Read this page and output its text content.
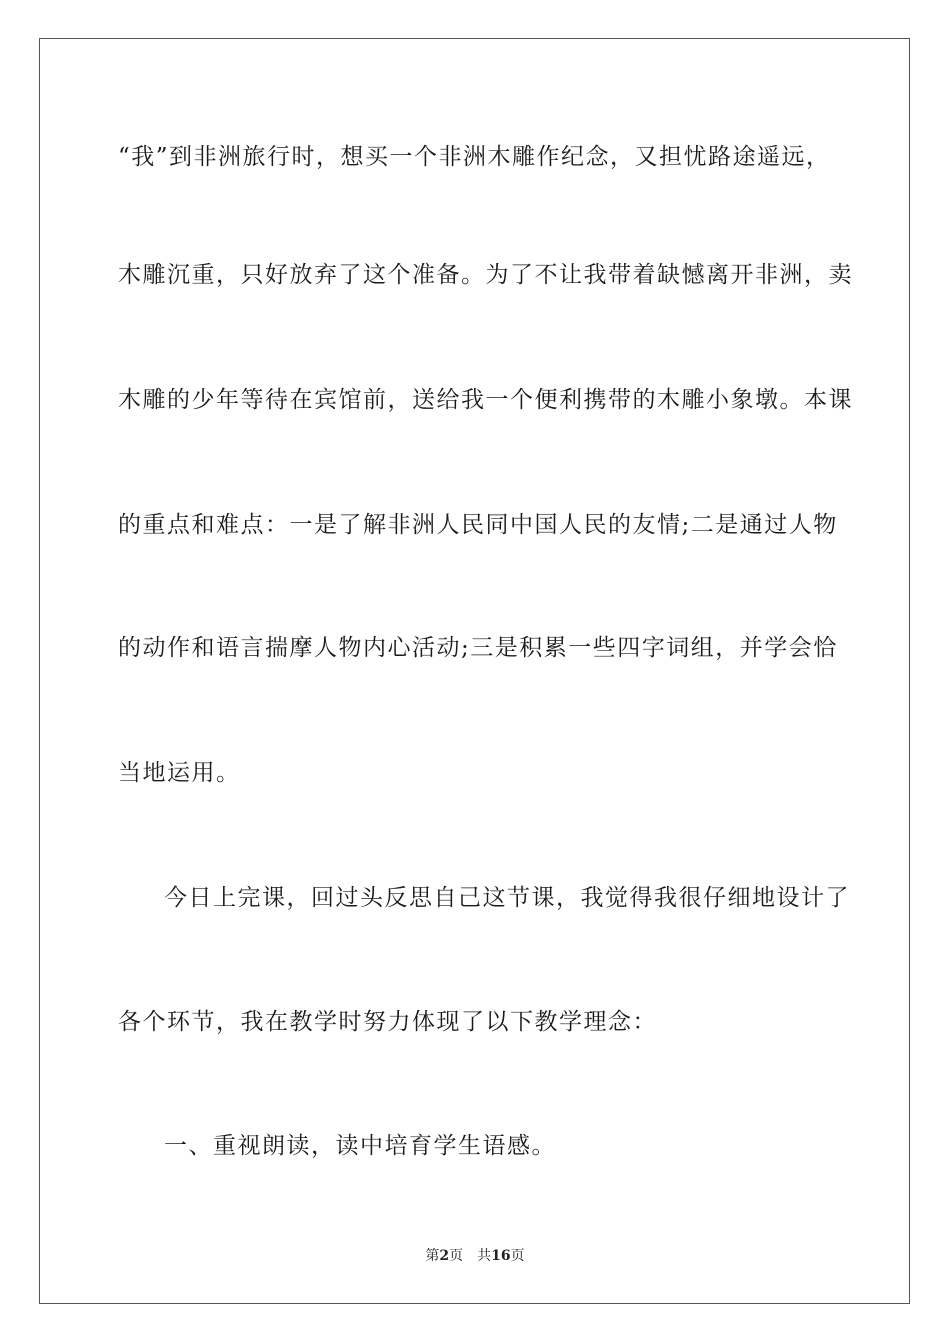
“我”到非洲旅行时，想买一个非洲木雕作纪念，又担忧路途遥远，
木雕沉重，只好放弃了这个准备。为了不让我带着缺憾离开非洲，卖
木雕的少年等待在宾馆前，送给我一个便利携带的木雕小象墩。本课
的重点和难点：一是了解非洲人民同中国人民的友情;二是通过人物
的动作和语言揣摩人物内心活动;三是积累一些四字词组，并学会恰
当地运用。
今日上完课，回过头反思自己这节课，我觉得我很仔细地设计了
各个环节，我在教学时努力体现了以下教学理念：
一、重视朗读，读中培育学生语感。
第2页 共16页
